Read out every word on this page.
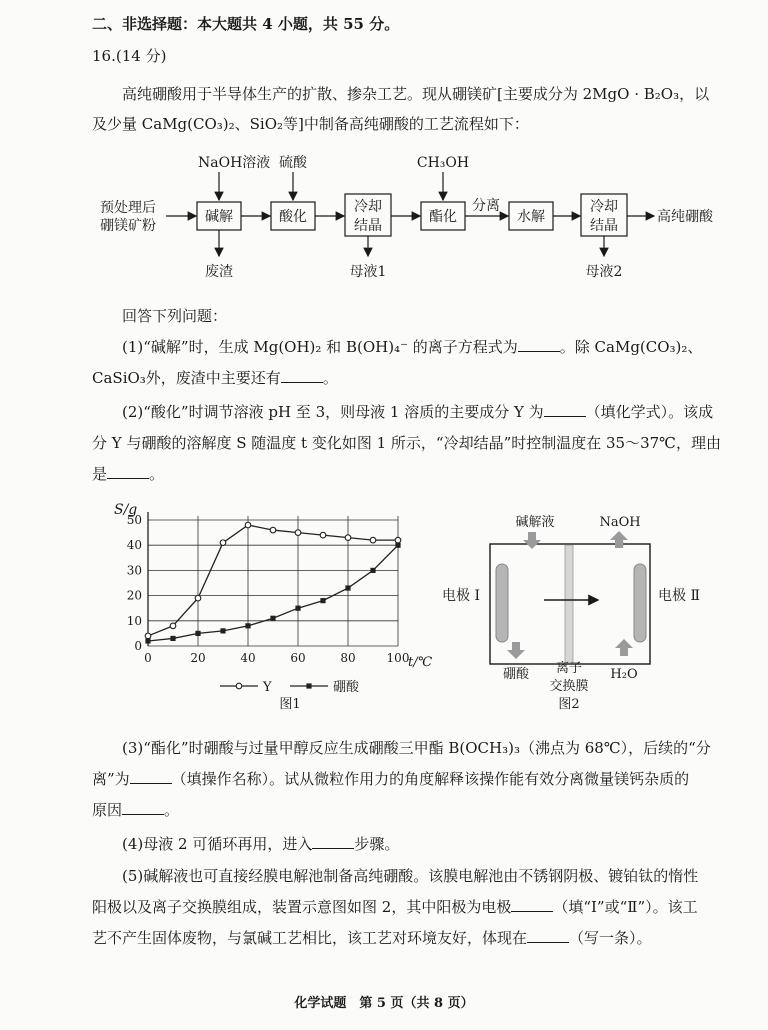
二、非选择题：本大题共 4 小题，共 55 分。
16.(14 分)
高纯硼酸用于半导体生产的扩散、掺杂工艺。现从硼镁矿[主要成分为 2MgO · B₂O₃，以
及少量 CaMg(CO₃)₂、SiO₂等]中制备高纯硼酸的工艺流程如下：
预处理后
硼镁矿粉
碱解
NaOH溶液
废渣
酸化
硫酸
冷却
结晶
母液1
酯化
CH₃OH
分离
水解
冷却
结晶
母液2
高纯硼酸
回答下列问题：
(1)“碱解”时，生成 Mg(OH)₂ 和 B(OH)₄⁻ 的离子方程式为	。除 CaMg(CO₃)₂、
CaSiO₃外，废渣中主要还有	。
(2)“酸化”时调节溶液 pH 至 3，则母液 1 溶质的主要成分 Y 为	（填化学式）。该成
分 Y 与硼酸的溶解度 S 随温度 t 变化如图 1 所示，“冷却结晶”时控制温度在 35～37℃，理由
是	。
S/g
t/℃
0
10
20
30
40
50
0	20	40	60	80	100
Y	硼酸
图1
碱解液	NaOH
电极 Ⅰ	电极 Ⅱ
硼酸 离子
交换膜
H₂O
图2
(3)“酯化”时硼酸与过量甲醇反应生成硼酸三甲酯 B(OCH₃)₃（沸点为 68℃），后续的“分
离”为	（填操作名称）。试从微粒作用力的角度解释该操作能有效分离微量镁钙杂质的
原因	。
(4)母液 2 可循环再用，进入	步骤。
(5)碱解液也可直接经膜电解池制备高纯硼酸。该膜电解池由不锈钢阴极、镀铂钛的惰性
阳极以及离子交换膜组成，装置示意图如图 2，其中阳极为电极	（填“Ⅰ”或“Ⅱ”）。该工
艺不产生固体废物，与氯碱工艺相比，该工艺对环境友好，体现在	（写一条）。
化学试题　第 5 页（共 8 页）
